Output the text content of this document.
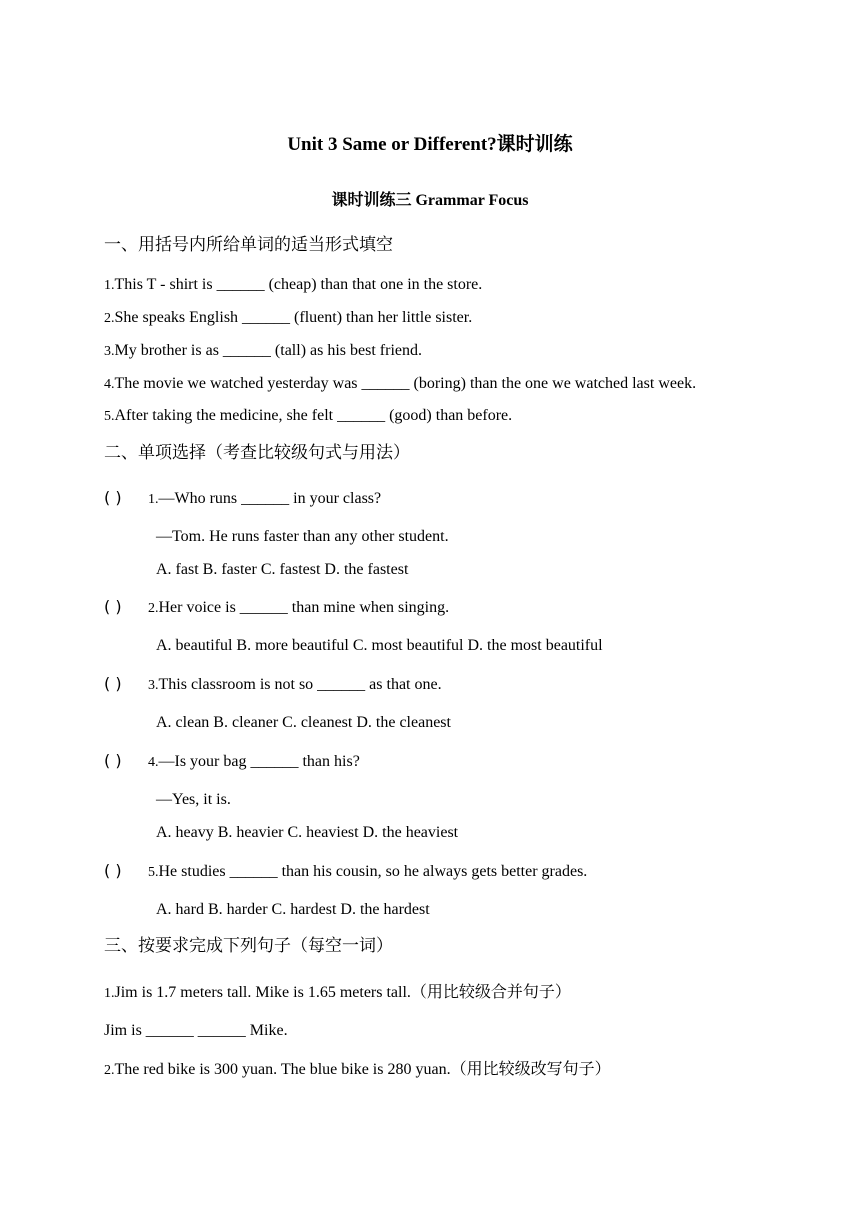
Unit 3 Same or Different?课时训练
课时训练三 Grammar Focus
一、用括号内所给单词的适当形式填空
1.This T - shirt is ______ (cheap) than that one in the store.
2.She speaks English ______ (fluent) than her little sister.
3.My brother is as ______ (tall) as his best friend.
4.The movie we watched yesterday was ______ (boring) than the one we watched last week.
5.After taking the medicine, she felt ______ (good) than before.
二、单项选择（考查比较级句式与用法）
( ) 1.—Who runs ______ in your class?
—Tom. He runs faster than any other student.
A. fast B. faster C. fastest D. the fastest
( ) 2.Her voice is ______ than mine when singing.
A. beautiful B. more beautiful C. most beautiful D. the most beautiful
( ) 3.This classroom is not so ______ as that one.
A. clean B. cleaner C. cleanest D. the cleanest
( ) 4.—Is your bag ______ than his?
—Yes, it is.
A. heavy B. heavier C. heaviest D. the heaviest
( ) 5.He studies ______ than his cousin, so he always gets better grades.
A. hard B. harder C. hardest D. the hardest
三、按要求完成下列句子（每空一词）
1.Jim is 1.7 meters tall. Mike is 1.65 meters tall.（用比较级合并句子）
Jim is ______ ______ Mike.
2.The red bike is 300 yuan. The blue bike is 280 yuan.（用比较级改写句子）
